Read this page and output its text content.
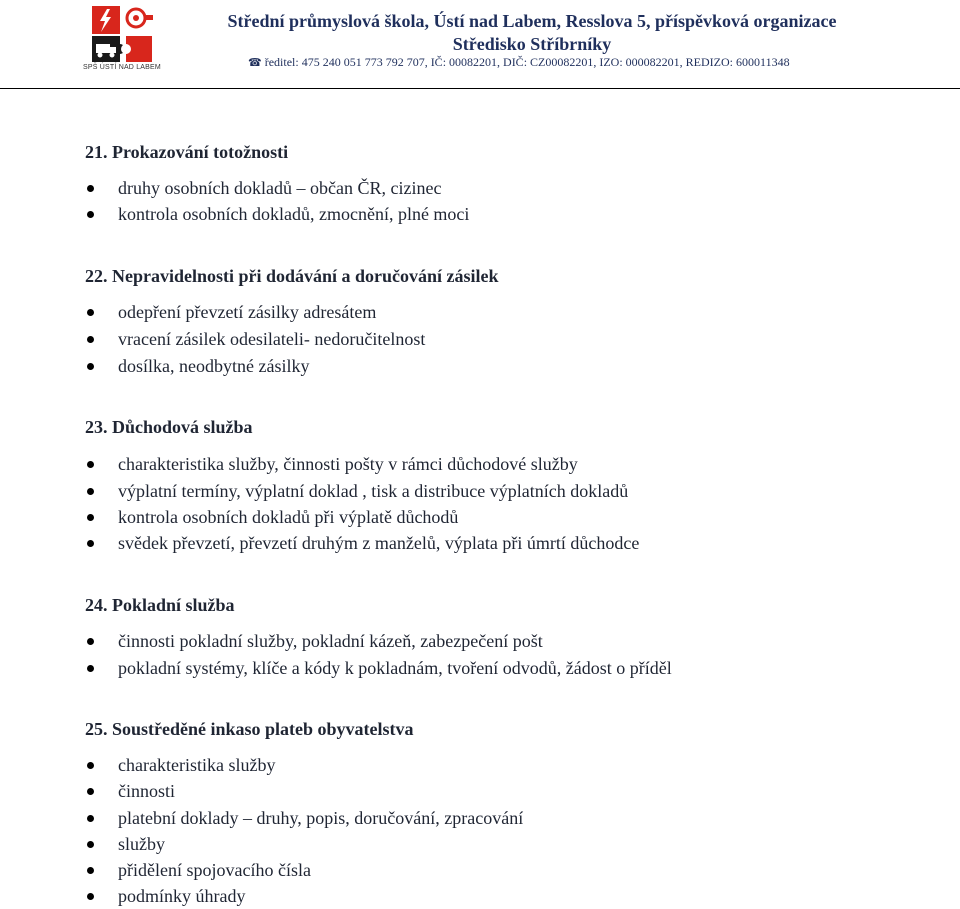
SPŠ ÚSTÍ NAD LABEM
Střední průmyslová škola, Ústí nad Labem, Resslova 5, příspěvková organizace
Středisko Stříbrníky
☎ ředitel: 475 240 051 773 792 707, IČ: 00082201, DIČ: CZ00082201, IZO: 000082201, REDIZO: 600011348
21. Prokazování totožnosti
druhy osobních dokladů – občan ČR, cizinec
kontrola osobních dokladů, zmocnění, plné moci
22. Nepravidelnosti při dodávání a doručování zásilek
odepření převzetí zásilky adresátem
vracení zásilek odesilateli- nedoručitelnost
dosílka, neodbytné zásilky
23. Důchodová služba
charakteristika služby, činnosti pošty v rámci důchodové služby
výplatní termíny, výplatní doklad , tisk a distribuce výplatních dokladů
kontrola osobních dokladů při výplatě důchodů
svědek převzetí, převzetí druhým z manželů, výplata při úmrtí důchodce
24. Pokladní služba
činnosti pokladní služby, pokladní kázeň, zabezpečení pošt
pokladní systémy, klíče a kódy k pokladnám, tvoření odvodů, žádost o příděl
25. Soustředěné inkaso plateb obyvatelstva
charakteristika služby
činnosti
platební doklady – druhy, popis, doručování, zpracování
služby
přidělení spojovacího čísla
podmínky úhrady
